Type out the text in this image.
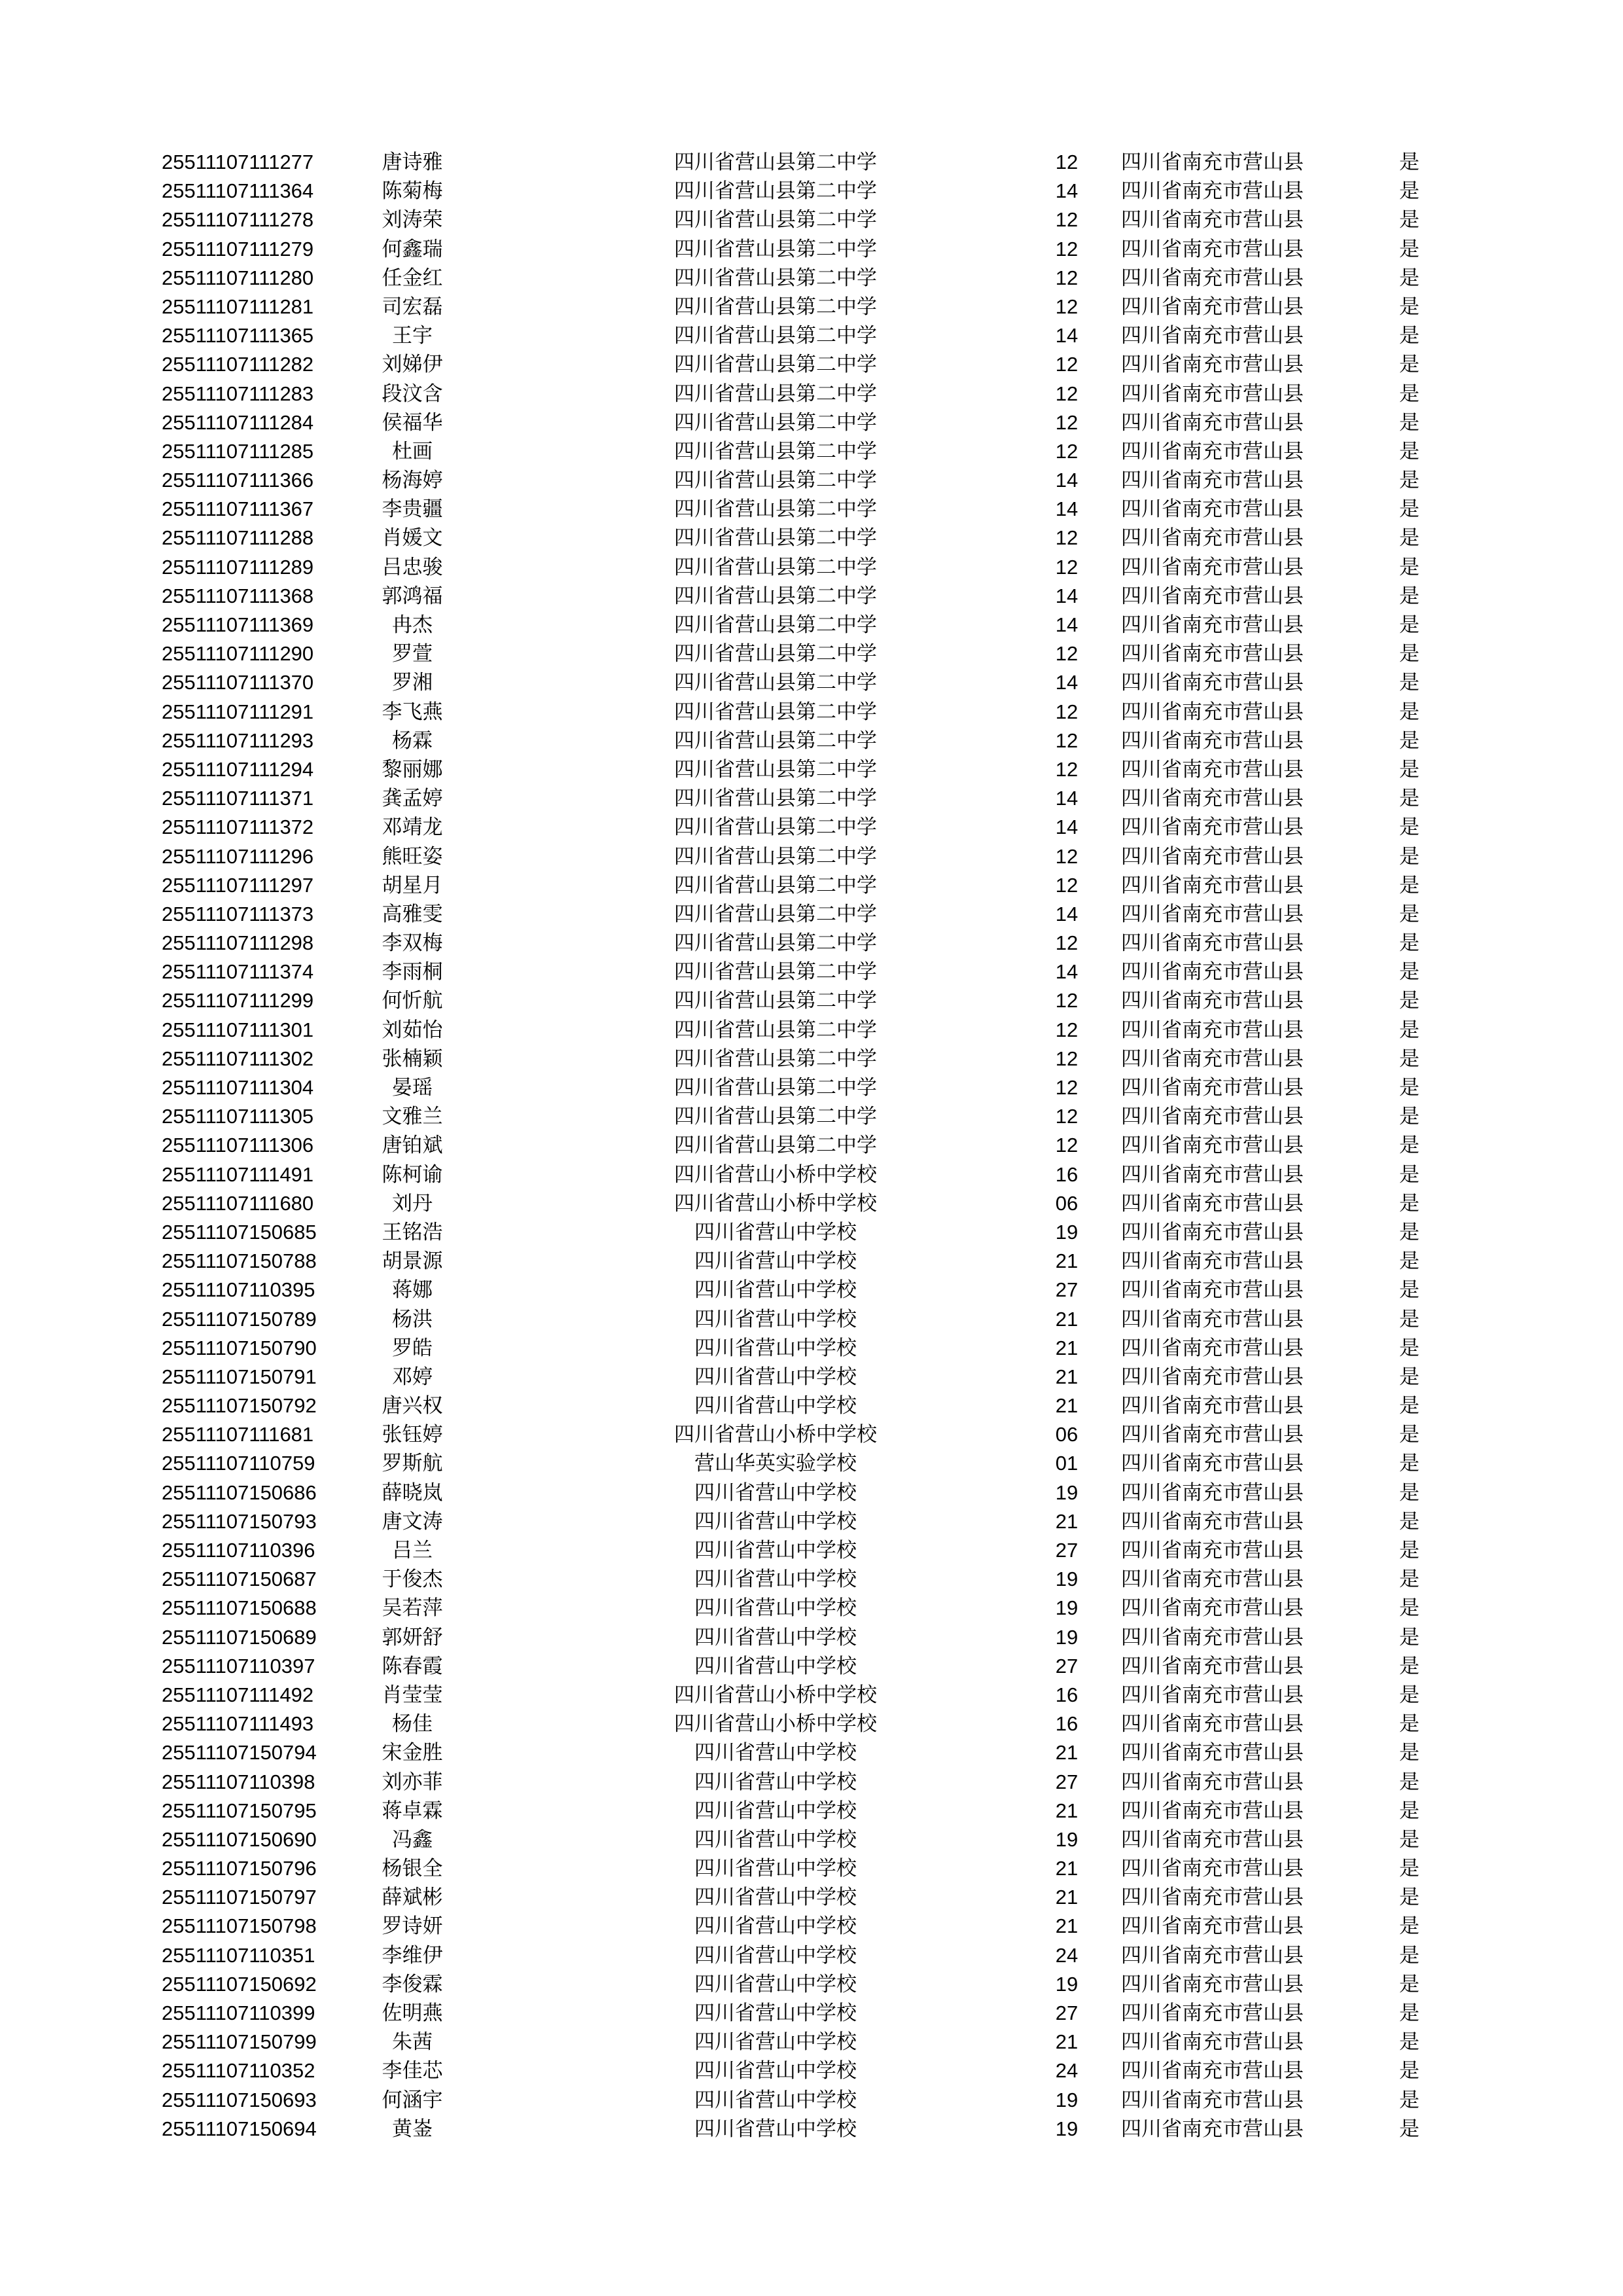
25511107111277	唐诗雅	四川省营山县第二中学	12	四川省南充市营山县	是
25511107111364	陈菊梅	四川省营山县第二中学	14	四川省南充市营山县	是
25511107111278	刘涛荣	四川省营山县第二中学	12	四川省南充市营山县	是
25511107111279	何鑫瑞	四川省营山县第二中学	12	四川省南充市营山县	是
25511107111280	任金红	四川省营山县第二中学	12	四川省南充市营山县	是
25511107111281	司宏磊	四川省营山县第二中学	12	四川省南充市营山县	是
25511107111365	王宇	四川省营山县第二中学	14	四川省南充市营山县	是
25511107111282	刘娣伊	四川省营山县第二中学	12	四川省南充市营山县	是
25511107111283	段汶含	四川省营山县第二中学	12	四川省南充市营山县	是
25511107111284	侯福华	四川省营山县第二中学	12	四川省南充市营山县	是
25511107111285	杜画	四川省营山县第二中学	12	四川省南充市营山县	是
25511107111366	杨海婷	四川省营山县第二中学	14	四川省南充市营山县	是
25511107111367	李贵疆	四川省营山县第二中学	14	四川省南充市营山县	是
25511107111288	肖媛文	四川省营山县第二中学	12	四川省南充市营山县	是
25511107111289	吕忠骏	四川省营山县第二中学	12	四川省南充市营山县	是
25511107111368	郭鸿福	四川省营山县第二中学	14	四川省南充市营山县	是
25511107111369	冉杰	四川省营山县第二中学	14	四川省南充市营山县	是
25511107111290	罗萱	四川省营山县第二中学	12	四川省南充市营山县	是
25511107111370	罗湘	四川省营山县第二中学	14	四川省南充市营山县	是
25511107111291	李飞燕	四川省营山县第二中学	12	四川省南充市营山县	是
25511107111293	杨霖	四川省营山县第二中学	12	四川省南充市营山县	是
25511107111294	黎丽娜	四川省营山县第二中学	12	四川省南充市营山县	是
25511107111371	龚孟婷	四川省营山县第二中学	14	四川省南充市营山县	是
25511107111372	邓靖龙	四川省营山县第二中学	14	四川省南充市营山县	是
25511107111296	熊旺姿	四川省营山县第二中学	12	四川省南充市营山县	是
25511107111297	胡星月	四川省营山县第二中学	12	四川省南充市营山县	是
25511107111373	高雅雯	四川省营山县第二中学	14	四川省南充市营山县	是
25511107111298	李双梅	四川省营山县第二中学	12	四川省南充市营山县	是
25511107111374	李雨桐	四川省营山县第二中学	14	四川省南充市营山县	是
25511107111299	何忻航	四川省营山县第二中学	12	四川省南充市营山县	是
25511107111301	刘茹怡	四川省营山县第二中学	12	四川省南充市营山县	是
25511107111302	张楠颖	四川省营山县第二中学	12	四川省南充市营山县	是
25511107111304	晏瑶	四川省营山县第二中学	12	四川省南充市营山县	是
25511107111305	文雅兰	四川省营山县第二中学	12	四川省南充市营山县	是
25511107111306	唐铂斌	四川省营山县第二中学	12	四川省南充市营山县	是
25511107111491	陈柯谕	四川省营山小桥中学校	16	四川省南充市营山县	是
25511107111680	刘丹	四川省营山小桥中学校	06	四川省南充市营山县	是
25511107150685	王铭浩	四川省营山中学校	19	四川省南充市营山县	是
25511107150788	胡景源	四川省营山中学校	21	四川省南充市营山县	是
25511107110395	蒋娜	四川省营山中学校	27	四川省南充市营山县	是
25511107150789	杨洪	四川省营山中学校	21	四川省南充市营山县	是
25511107150790	罗皓	四川省营山中学校	21	四川省南充市营山县	是
25511107150791	邓婷	四川省营山中学校	21	四川省南充市营山县	是
25511107150792	唐兴权	四川省营山中学校	21	四川省南充市营山县	是
25511107111681	张钰婷	四川省营山小桥中学校	06	四川省南充市营山县	是
25511107110759	罗斯航	营山华英实验学校	01	四川省南充市营山县	是
25511107150686	薛晓岚	四川省营山中学校	19	四川省南充市营山县	是
25511107150793	唐文涛	四川省营山中学校	21	四川省南充市营山县	是
25511107110396	吕兰	四川省营山中学校	27	四川省南充市营山县	是
25511107150687	于俊杰	四川省营山中学校	19	四川省南充市营山县	是
25511107150688	吴若萍	四川省营山中学校	19	四川省南充市营山县	是
25511107150689	郭妍舒	四川省营山中学校	19	四川省南充市营山县	是
25511107110397	陈春霞	四川省营山中学校	27	四川省南充市营山县	是
25511107111492	肖莹莹	四川省营山小桥中学校	16	四川省南充市营山县	是
25511107111493	杨佳	四川省营山小桥中学校	16	四川省南充市营山县	是
25511107150794	宋金胜	四川省营山中学校	21	四川省南充市营山县	是
25511107110398	刘亦菲	四川省营山中学校	27	四川省南充市营山县	是
25511107150795	蒋卓霖	四川省营山中学校	21	四川省南充市营山县	是
25511107150690	冯鑫	四川省营山中学校	19	四川省南充市营山县	是
25511107150796	杨银全	四川省营山中学校	21	四川省南充市营山县	是
25511107150797	薛斌彬	四川省营山中学校	21	四川省南充市营山县	是
25511107150798	罗诗妍	四川省营山中学校	21	四川省南充市营山县	是
25511107110351	李维伊	四川省营山中学校	24	四川省南充市营山县	是
25511107150692	李俊霖	四川省营山中学校	19	四川省南充市营山县	是
25511107110399	佐明燕	四川省营山中学校	27	四川省南充市营山县	是
25511107150799	朱茜	四川省营山中学校	21	四川省南充市营山县	是
25511107110352	李佳芯	四川省营山中学校	24	四川省南充市营山县	是
25511107150693	何涵宇	四川省营山中学校	19	四川省南充市营山县	是
25511107150694	黄崟	四川省营山中学校	19	四川省南充市营山县	是
